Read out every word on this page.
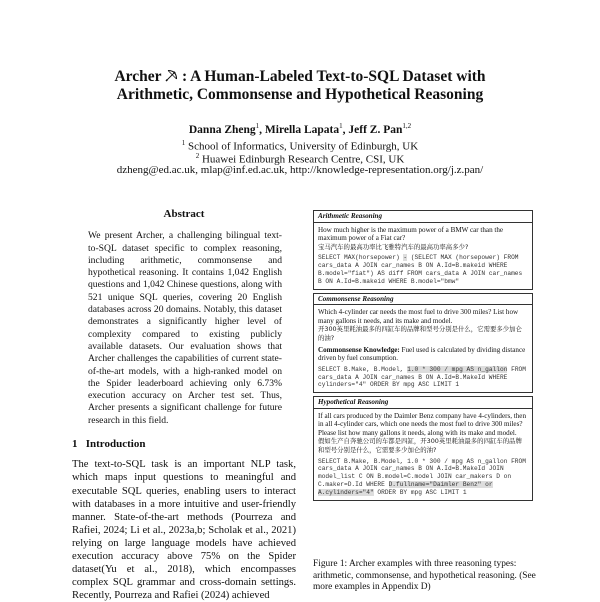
Archer : A Human-Labeled Text-to-SQL Dataset with
Arithmetic, Commonsense and Hypothetical Reasoning
Danna Zheng$^1$, Mirella Lapata$^1$, Jeff Z. Pan$^{1,2}$
$^1$ School of Informatics, University of Edinburgh, UK
$^2$ Huawei Edinburgh Research Centre, CSI, UK
dzheng@ed.ac.uk, mlap@inf.ed.ac.uk, http://knowledge-representation.org/j.z.pan/
Abstract
We present Archer, a challenging bilingual text-to-SQL dataset specific to complex reasoning, including arithmetic, commonsense and hypothetical reasoning. It contains 1,042 English questions and 1,042 Chinese questions, along with 521 unique SQL queries, covering 20 English databases across 20 domains. Notably, this dataset demonstrates a significantly higher level of complexity compared to existing publicly available datasets. Our evaluation shows that Archer challenges the capabilities of current state-of-the-art models, with a high-ranked model on the Spider leaderboard achieving only 6.73% execution accuracy on Archer test set. Thus, Archer presents a significant challenge for future research in this field.
1 Introduction
The text-to-SQL task is an important NLP task, which maps input questions to meaningful and executable SQL queries, enabling users to interact with databases in a more intuitive and user-friendly manner. State-of-the-art methods (Pourreza and Rafiei, 2024; Li et al., 2023a,b; Scholak et al., 2021) relying on large language models have achieved execution accuracy above 75% on the Spider dataset(Yu et al., 2018), which encompasses complex SQL grammar and cross-domain settings. Recently, Pourreza and Rafiei (2024) achieved
Arithmetic Reasoning
How much higher is the maximum power of a BMW car than the maximum power of a Fiat car?
宝马汽车的最高功率比飞雅特汽车的最高功率高多少?
SELECT MAX(horsepower) - (SELECT MAX (horsepower) FROM cars_data A JOIN car_names B ON A.Id=B.makeid WHERE B.model="fiat") AS diff FROM cars_data A JOIN car_names B ON A.Id=B.makeid WHERE B.model="bmw"
Commonsense Reasoning
Which 4-cylinder car needs the most fuel to drive 300 miles? List how many gallons it needs, and its make and model.
开300英里耗油最多的四缸车的品牌和型号分别是什么，它需要多少加仑的油?
Commonsense Knowledge: Fuel used is calculated by dividing distance driven by fuel consumption.
SELECT B.Make, B.Model, 1.0 * 300 / mpg AS n_gallon FROM cars_data A JOIN car_names B ON A.Id=B.MakeId WHERE cylinders="4" ORDER BY mpg ASC LIMIT 1
Hypothetical Reasoning
If all cars produced by the Daimler Benz company have 4-cylinders, then in all 4-cylinder cars, which one needs the most fuel to drive 300 miles? Please list how many gallons it needs, along with its make and model.
假如生产自奔驰公司的车都是四缸，开300英里耗油最多的四缸车的品牌和型号分别是什么，它需要多少加仑的油?
SELECT B.Make, B.Model, 1.0 * 300 / mpg AS n_gallon FROM cars_data A JOIN car_names B ON A.Id=B.MakeId JOIN model_list C ON B.model=C.model JOIN car_makers D on C.maker=D.Id WHERE D.fullname="Daimler Benz" or A.cylinders="4" ORDER BY mpg ASC LIMIT 1
Figure 1: Archer examples with three reasoning types: arithmetic, commonsense, and hypothetical reasoning. (See more examples in Appendix D)
